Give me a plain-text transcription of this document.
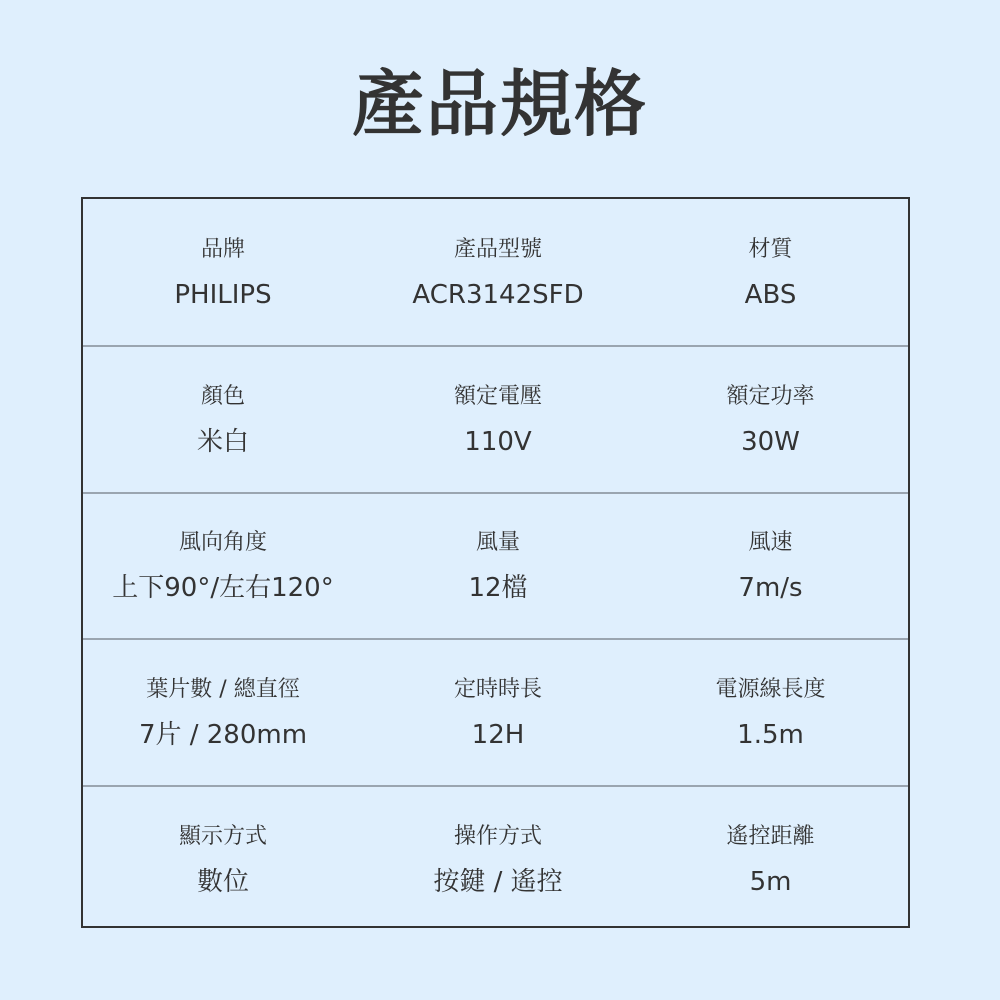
產品規格
品牌
PHILIPS
產品型號
ACR3142SFD
材質
ABS
顏色
米白
額定電壓
110V
額定功率
30W
風向角度
上下90°/左右120°
風量
12檔
風速
7m/s
葉片數 / 總直徑
7片 / 280mm
定時時長
12H
電源線長度
1.5m
顯示方式
數位
操作方式
按鍵 / 遙控
遙控距離
5m
